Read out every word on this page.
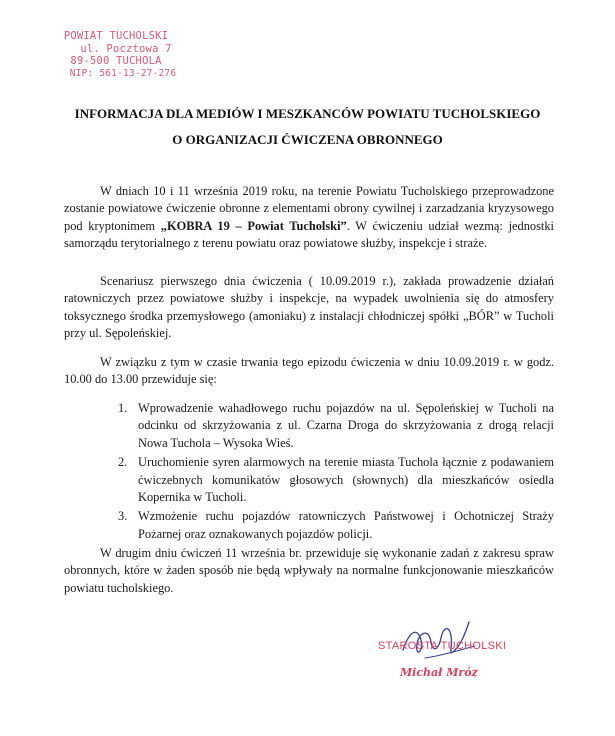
POWIAT TUCHOLSKI
ul. Pocztowa 7
89-500 TUCHOLA
NIP: 561-13-27-276
INFORMACJA DLA MEDIÓW I MESZKANCÓW POWIATU TUCHOLSKIEGO
O ORGANIZACJI ĆWICZENA OBRONNEGO
W dniach 10 i 11 września 2019 roku, na terenie Powiatu Tucholskiego przeprowadzone zostanie powiatowe ćwiczenie obronne z elementami obrony cywilnej i zarzadzania kryzysowego pod kryptonimem „KOBRA 19 – Powiat Tucholski”. W ćwiczeniu udział wezmą: jednostki samorządu terytorialnego z terenu powiatu oraz powiatowe służby, inspekcje i straże.
Scenariusz pierwszego dnia ćwiczenia ( 10.09.2019 r.), zakłada prowadzenie działań ratowniczych przez powiatowe służby i inspekcje, na wypadek uwolnienia się do atmosfery toksycznego środka przemysłowego (amoniaku) z instalacji chłodniczej spółki „BÓR” w Tucholi przy ul. Sępoleńskiej.
W związku z tym w czasie trwania tego epizodu ćwiczenia w dniu 10.09.2019 r. w godz. 10.00 do 13.00 przewiduje się:
1. Wprowadzenie wahadłowego ruchu pojazdów na ul. Sępoleńskiej w Tucholi na odcinku od skrzyżowania z ul. Czarna Droga do skrzyżowania z drogą relacji Nowa Tuchola – Wysoka Wieś.
2. Uruchomienie syren alarmowych na terenie miasta Tuchola łącznie z podawaniem ćwiczebnych komunikatów głosowych (słownych) dla mieszkańców osiedla Kopernika w Tucholi.
3. Wzmożenie ruchu pojazdów ratowniczych Państwowej i Ochotniczej Straży Pożarnej oraz oznakowanych pojazdów policji.
W drugim dniu ćwiczeń 11 września br. przewiduje się wykonanie zadań z zakresu spraw obronnych, które w żaden sposób nie będą wpływały na normalne funkcjonowanie mieszkańców powiatu tucholskiego.
STAROSTA TUCHOLSKI
Michał Mróz
